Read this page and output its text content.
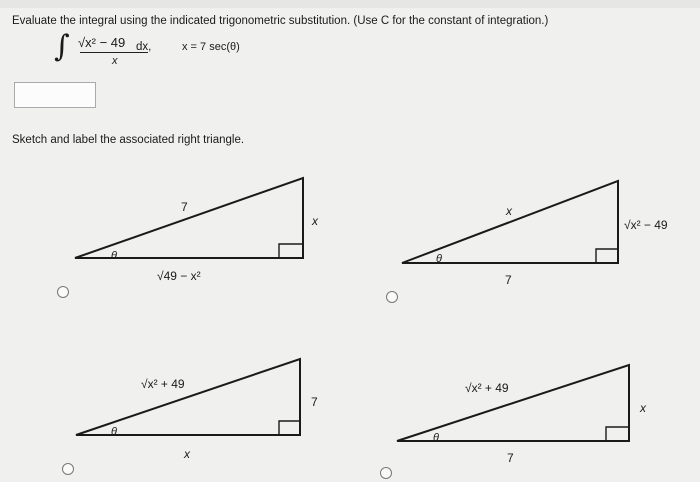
Evaluate the integral using the indicated trigonometric substitution. (Use C for the constant of integration.)
∫ √x² − 49
x
dx,	x = 7 sec(θ)
Sketch and label the associated right triangle.
7
x
√49 − x²
θ
x
√x² − 49
7
θ
√x² + 49
7
x
θ
√x² + 49
x
7
θ
